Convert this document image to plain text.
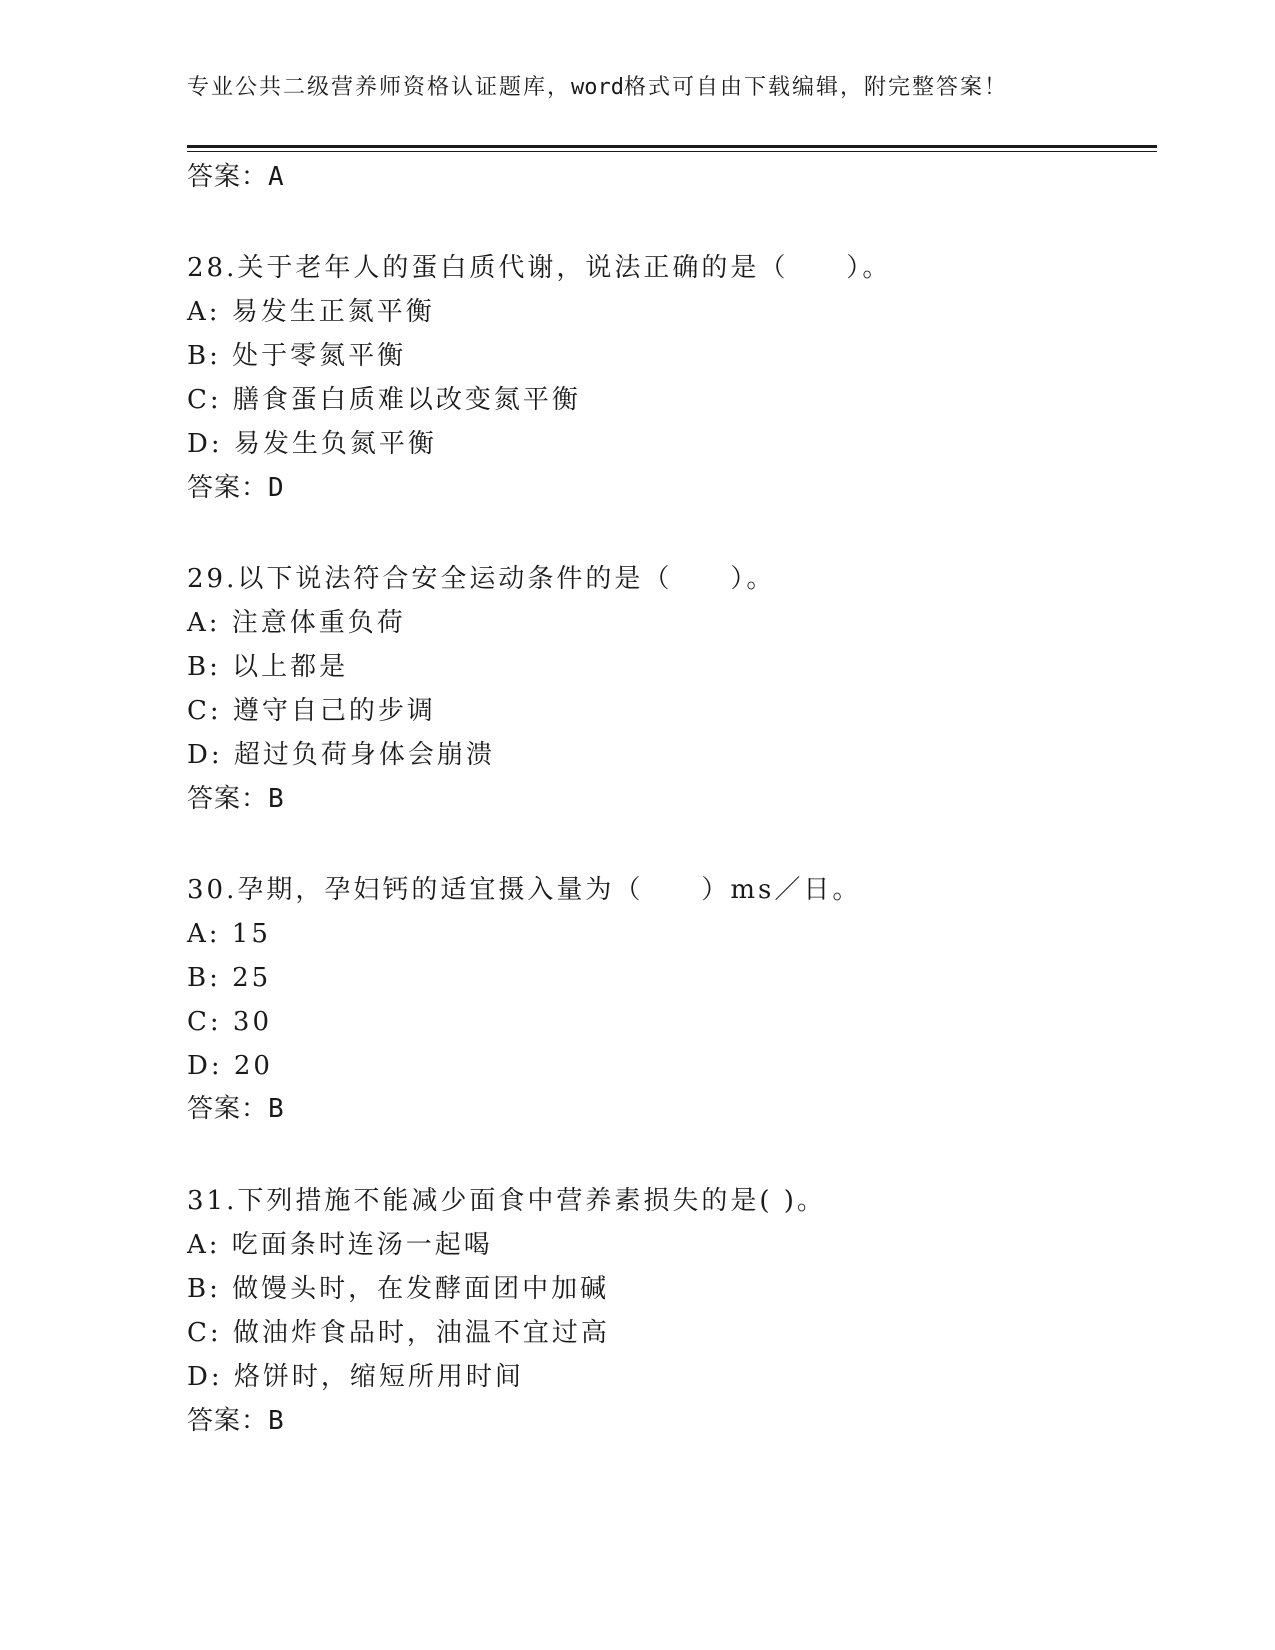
专业公共二级营养师资格认证题库，word格式可自由下载编辑，附完整答案！
答案：A
28.关于老年人的蛋白质代谢，说法正确的是（　　）。
A: 易发生正氮平衡
B: 处于零氮平衡
C: 膳食蛋白质难以改变氮平衡
D: 易发生负氮平衡
答案：D
29.以下说法符合安全运动条件的是（　　）。
A: 注意体重负荷
B: 以上都是
C: 遵守自己的步调
D: 超过负荷身体会崩溃
答案：B
30.孕期，孕妇钙的适宜摄入量为（　　）ms／日。
A: 15
B: 25
C: 30
D: 20
答案：B
31.下列措施不能减少面食中营养素损失的是( )。
A: 吃面条时连汤一起喝
B: 做馒头时，在发酵面团中加碱
C: 做油炸食品时，油温不宜过高
D: 烙饼时，缩短所用时间
答案：B
